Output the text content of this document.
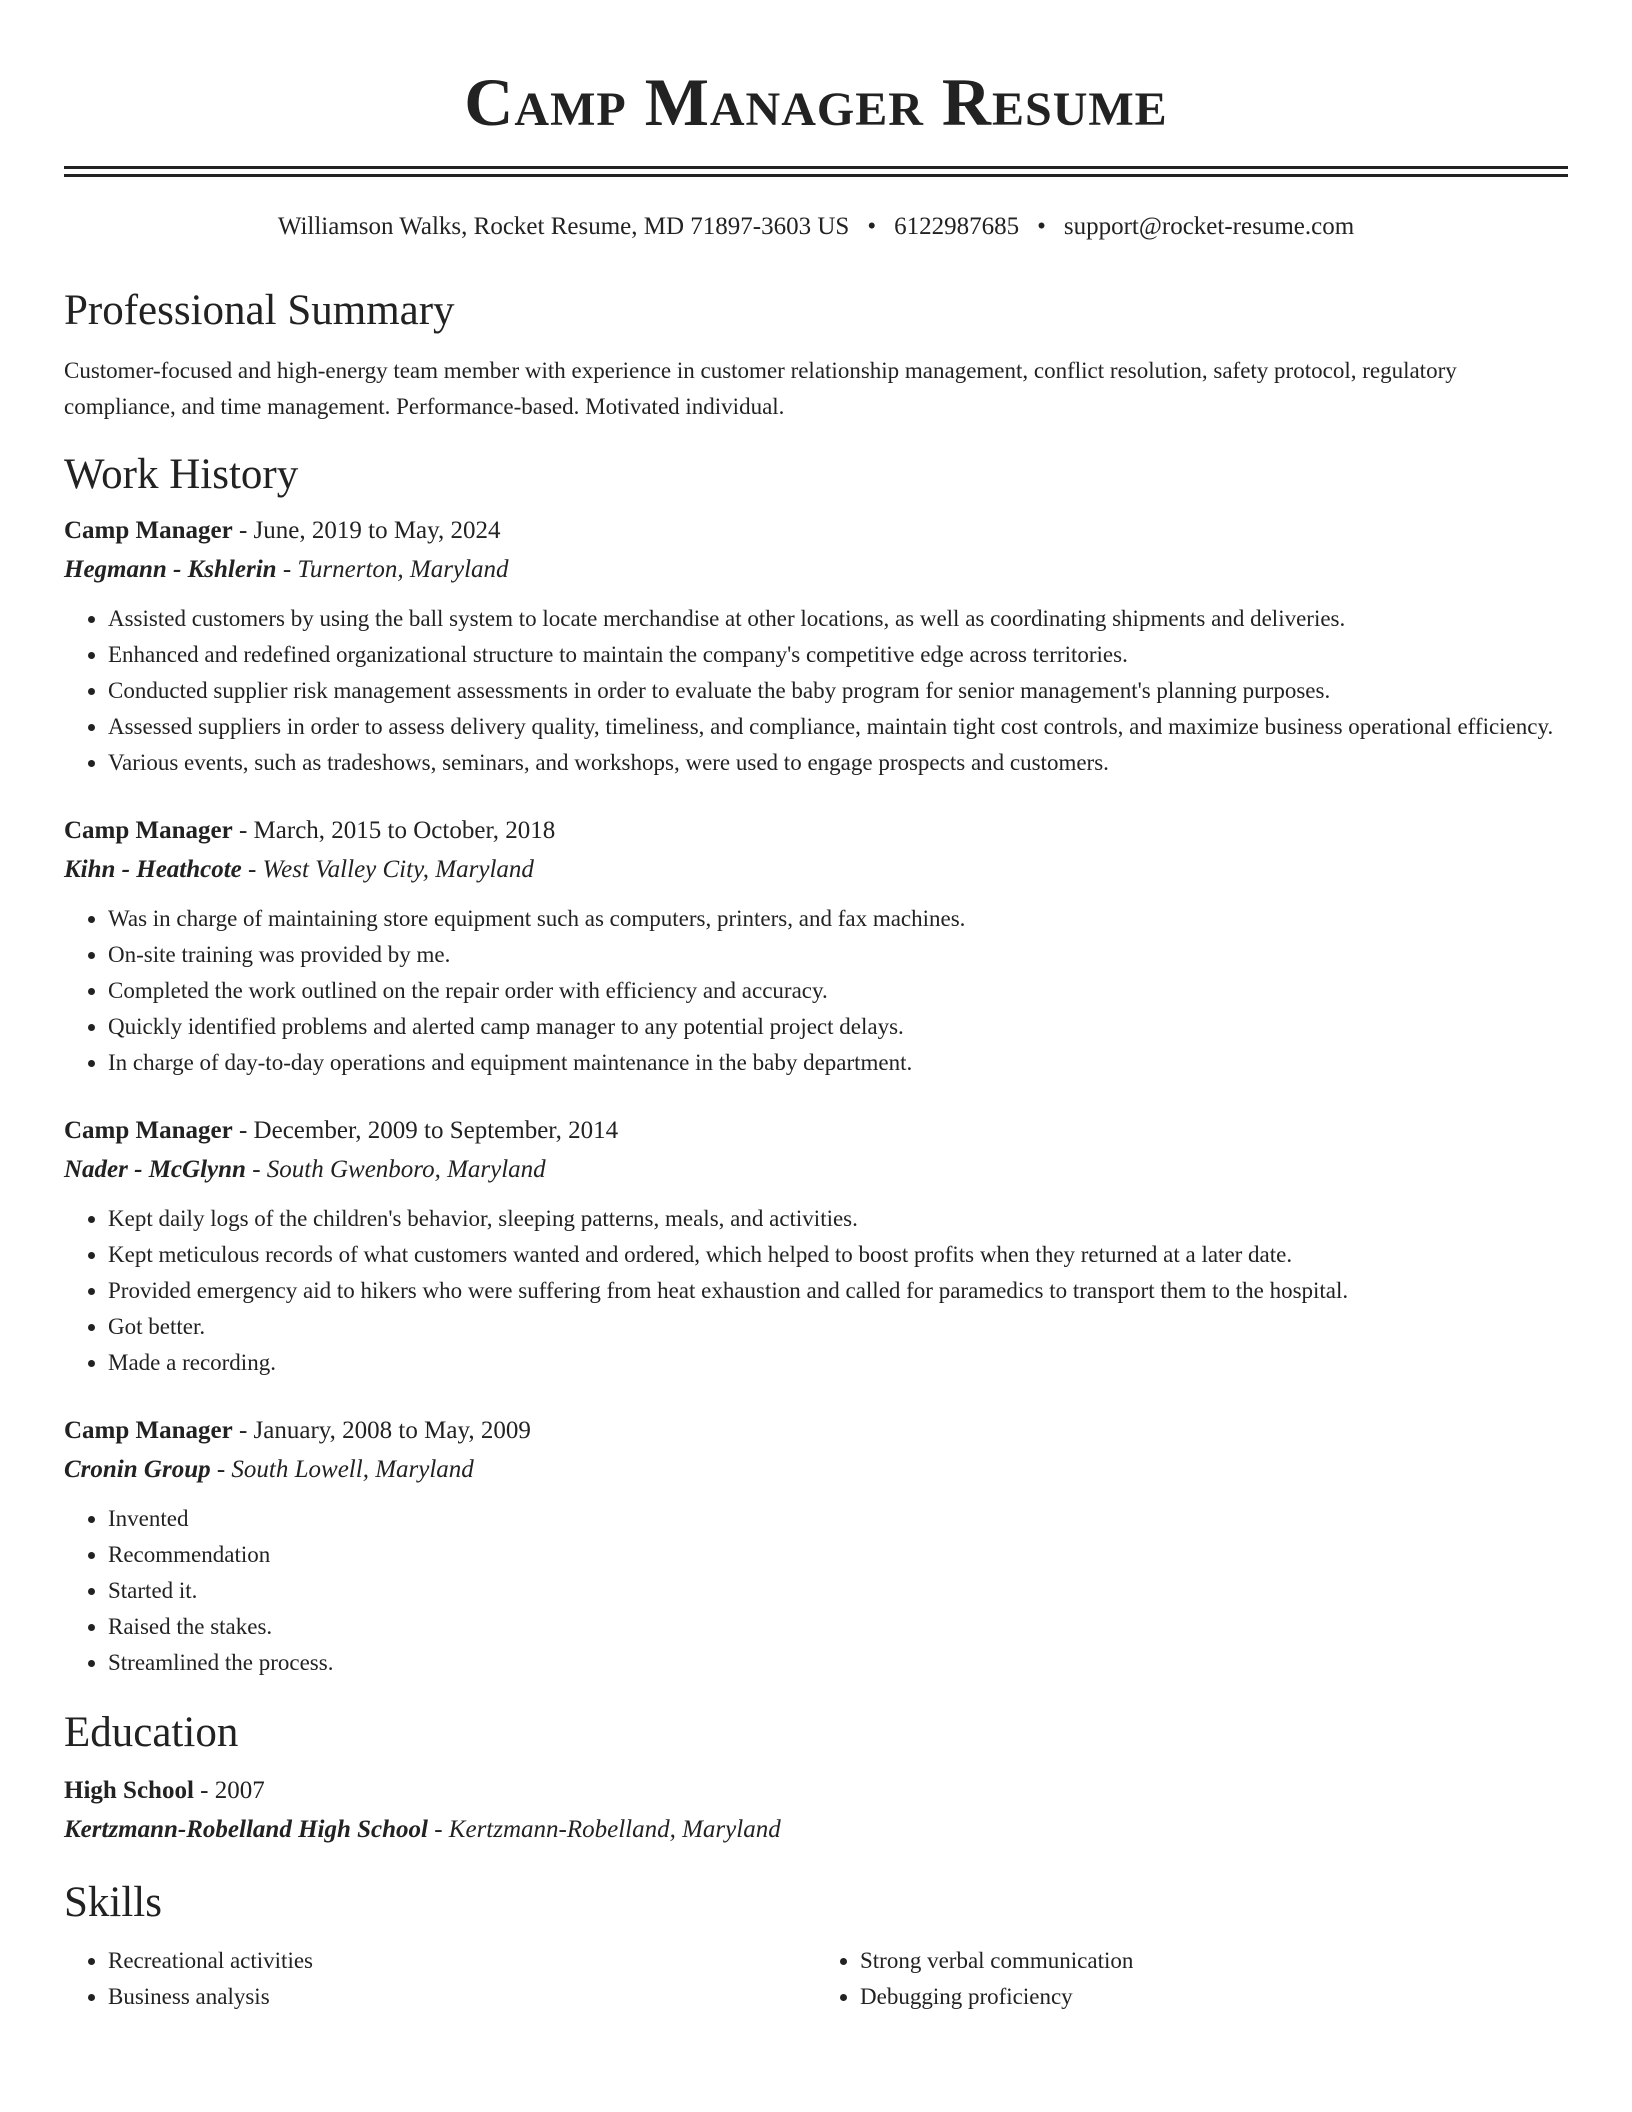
Camp Manager Resume
Williamson Walks, Rocket Resume, MD 71897-3603 US • 6122987685 • support@rocket-resume.com
Professional Summary
Customer-focused and high-energy team member with experience in customer relationship management, conflict resolution, safety protocol, regulatory compliance, and time management. Performance-based. Motivated individual.
Work History
Camp Manager - June, 2019 to May, 2024
Hegmann - Kshlerin - Turnerton, Maryland
• Assisted customers by using the ball system to locate merchandise at other locations, as well as coordinating shipments and deliveries.
• Enhanced and redefined organizational structure to maintain the company's competitive edge across territories.
• Conducted supplier risk management assessments in order to evaluate the baby program for senior management's planning purposes.
• Assessed suppliers in order to assess delivery quality, timeliness, and compliance, maintain tight cost controls, and maximize business operational efficiency.
• Various events, such as tradeshows, seminars, and workshops, were used to engage prospects and customers.
Camp Manager - March, 2015 to October, 2018
Kihn - Heathcote - West Valley City, Maryland
• Was in charge of maintaining store equipment such as computers, printers, and fax machines.
• On-site training was provided by me.
• Completed the work outlined on the repair order with efficiency and accuracy.
• Quickly identified problems and alerted camp manager to any potential project delays.
• In charge of day-to-day operations and equipment maintenance in the baby department.
Camp Manager - December, 2009 to September, 2014
Nader - McGlynn - South Gwenboro, Maryland
• Kept daily logs of the children's behavior, sleeping patterns, meals, and activities.
• Kept meticulous records of what customers wanted and ordered, which helped to boost profits when they returned at a later date.
• Provided emergency aid to hikers who were suffering from heat exhaustion and called for paramedics to transport them to the hospital.
• Got better.
• Made a recording.
Camp Manager - January, 2008 to May, 2009
Cronin Group - South Lowell, Maryland
• Invented
• Recommendation
• Started it.
• Raised the stakes.
• Streamlined the process.
Education
High School - 2007
Kertzmann-Robelland High School - Kertzmann-Robelland, Maryland
Skills
• Recreational activities
• Business analysis
• Strong verbal communication
• Debugging proficiency
